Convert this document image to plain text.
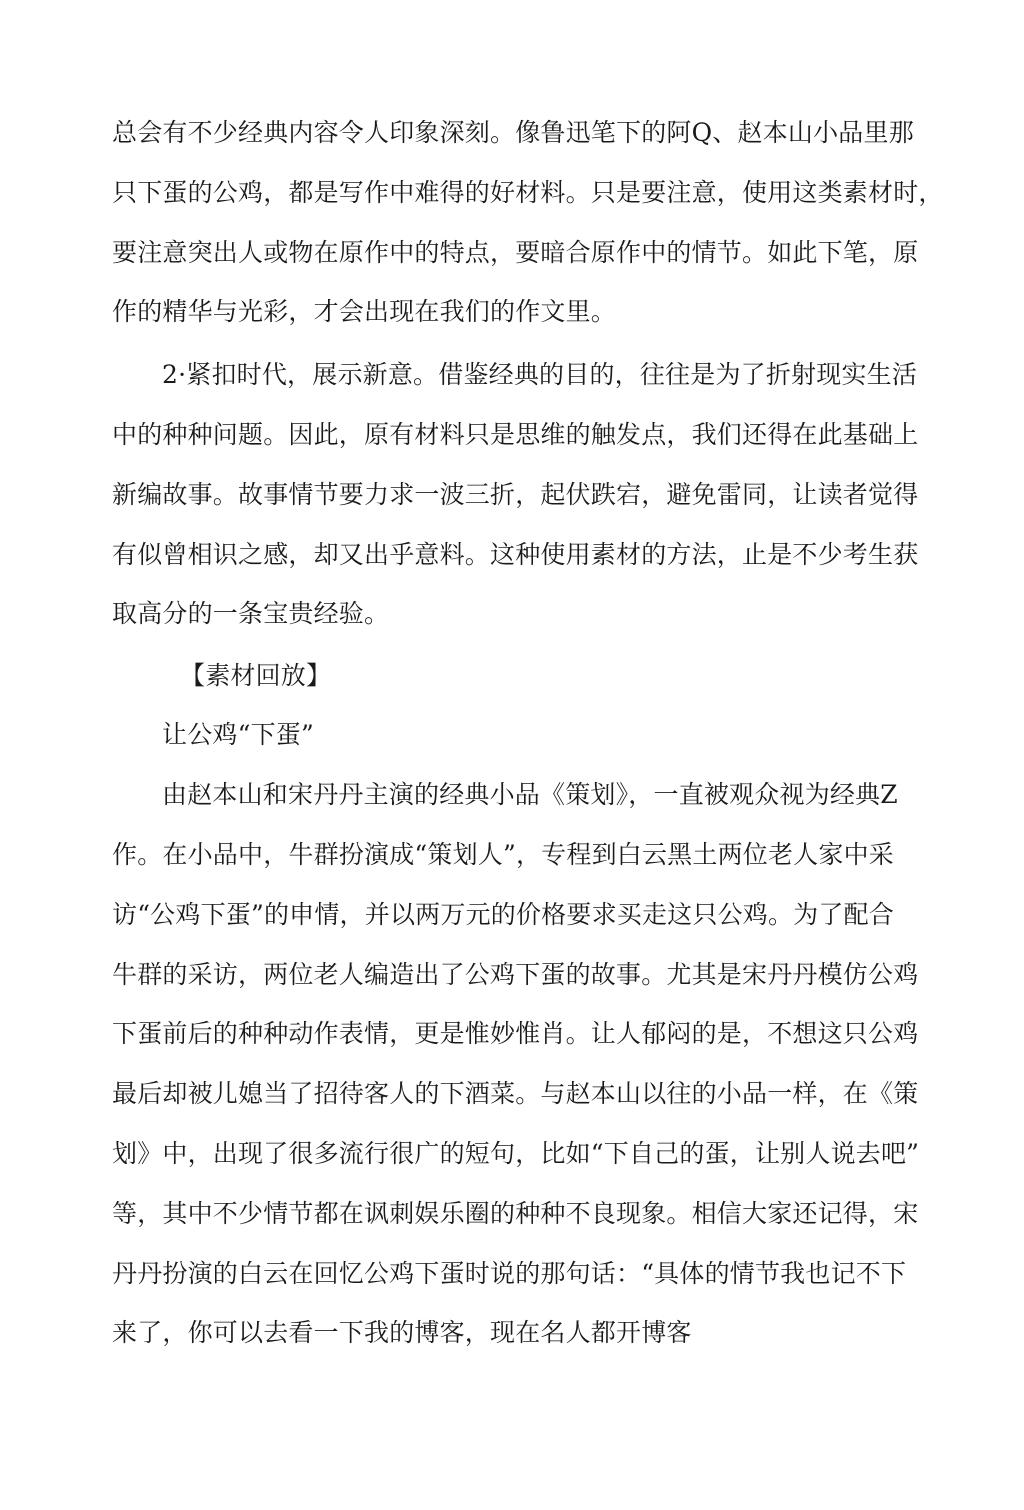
总会有不少经典内容令人印象深刻。像鲁迅笔下的阿Q、赵本山小品里那
只下蛋的公鸡，都是写作中难得的好材料。只是要注意，使用这类素材时，
要注意突出人或物在原作中的特点，要暗合原作中的情节。如此下笔，原
作的精华与光彩，才会出现在我们的作文里。
2·紧扣时代，展示新意。借鉴经典的目的，往往是为了折射现实生活
中的种种问题。因此，原有材料只是思维的触发点，我们还得在此基础上
新编故事。故事情节要力求一波三折，起伏跌宕，避免雷同，让读者觉得
有似曾相识之感，却又出乎意料。这种使用素材的方法，止是不少考生获
取高分的一条宝贵经验。
【素材回放】
让公鸡“下蛋”
由赵本山和宋丹丹主演的经典小品《策划》，一直被观众视为经典Z
作。在小品中，牛群扮演成“策划人”，专程到白云黑土两位老人家中采
访“公鸡下蛋”的申情，并以两万元的价格要求买走这只公鸡。为了配合
牛群的采访，两位老人编造出了公鸡下蛋的故事。尤其是宋丹丹模仿公鸡
下蛋前后的种种动作表情，更是惟妙惟肖。让人郁闷的是，不想这只公鸡
最后却被儿媳当了招待客人的下酒菜。与赵本山以往的小品一样，在《策
划》中，出现了很多流行很广的短句，比如“下自己的蛋，让别人说去吧”
等，其中不少情节都在讽刺娱乐圈的种种不良现象。相信大家还记得，宋
丹丹扮演的白云在回忆公鸡下蛋时说的那句话：“具体的情节我也记不下
来了，你可以去看一下我的博客，现在名人都开博客
